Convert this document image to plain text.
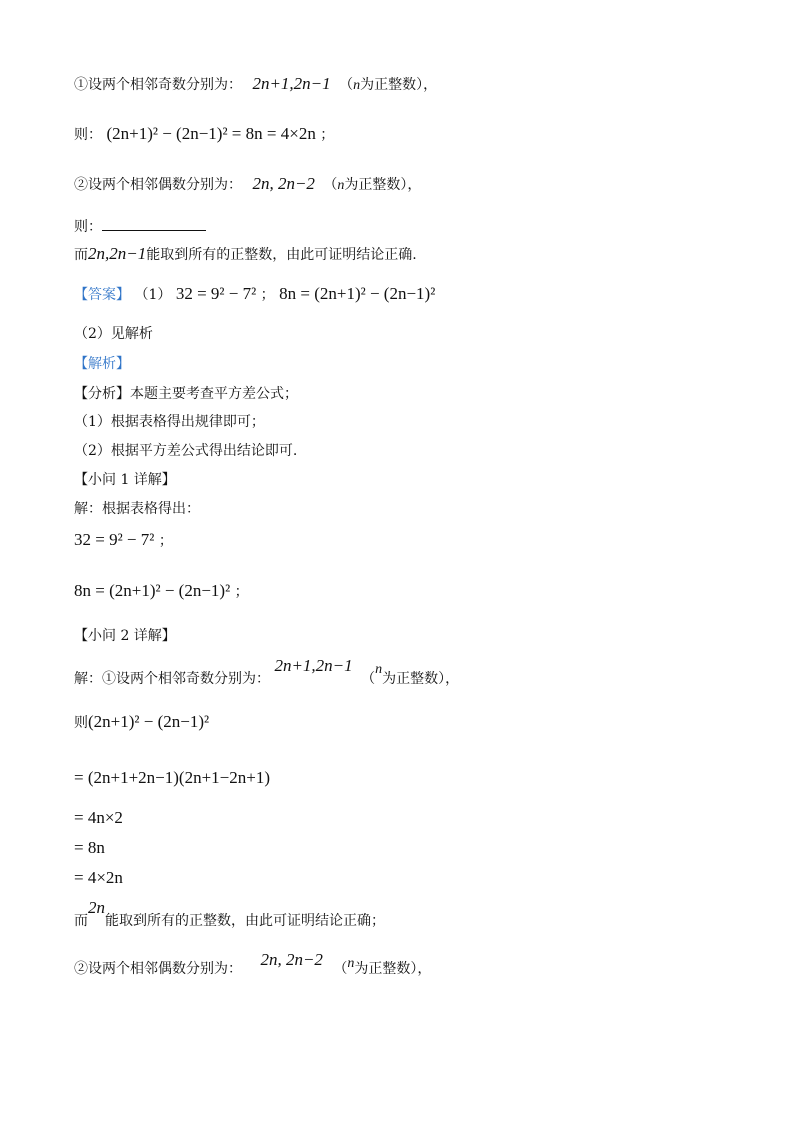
①设两个相邻奇数分别为： 2n+1,2n−1 （n为正整数），
则： (2n+1)² − (2n−1)² = 8n = 4×2n ；
②设两个相邻偶数分别为： 2n, 2n−2 （n为正整数），
则：
而2n,2n−1能取到所有的正整数，由此可证明结论正确.
【答案】 （1） 32 = 9² − 7² ； 8n = (2n+1)² − (2n−1)²
（2）见解析
【解析】
【分析】本题主要考查平方差公式；
（1）根据表格得出规律即可；
（2）根据平方差公式得出结论即可.
【小问 1 详解】
解：根据表格得出：
32 = 9² − 7² ；
8n = (2n+1)² − (2n−1)² ；
【小问 2 详解】
解：①设两个相邻奇数分别为： 2n+1,2n−1 （n为正整数），
则(2n+1)² − (2n−1)²
= (2n+1+2n−1)(2n+1−2n+1)
= 4n×2
= 8n
= 4×2n
而2n能取到所有的正整数，由此可证明结论正确；
②设两个相邻偶数分别为： 2n, 2n−2 （n为正整数），
